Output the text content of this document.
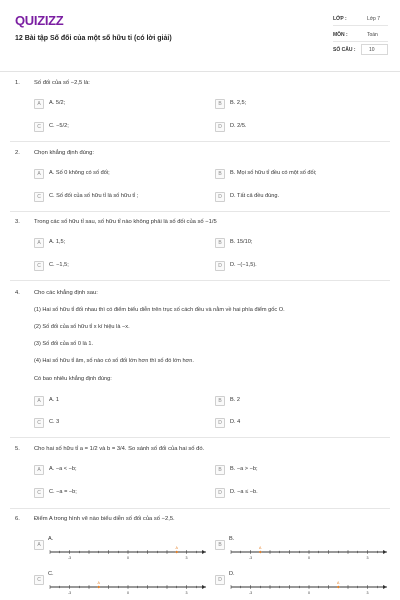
QUIZIZZ
12 Bài tập Số đối của một số hữu tỉ (có lời giải)
LỚP :	Lớp 7
MÔN :	Toán
SỐ CÂU :	10
1. Số đối của số −2,5 là:
A	A. 5/2;	B	B. 2,5;
C	C. −5/2;	D	D. 2/5.
2. Chọn khẳng định đúng:
A	A. Số 0 không có số đối;	B	B. Mọi số hữu tỉ đều có một số đối;
C	C. Số đối của số hữu tỉ là số hữu tỉ ;	D	D. Tất cả đều đúng.
3. Trong các số hữu tỉ sau, số hữu tỉ nào không phải là số đối của số −1/5
A	A. 1,5;	B	B. 15/10;
C	C. −1,5;	D	D. −(−1,5).
4. Cho các khẳng định sau:
(1) Hai số hữu tỉ đối nhau thì có điểm biểu diễn trên trục số cách đều và nằm về hai phía điểm gốc O.
(2) Số đối của số hữu tỉ x kí hiệu là −x.
(3) Số đối của số 0 là 1.
(4) Hai số hữu tỉ âm, số nào có số đối lớn hơn thì số đó lớn hơn.
Có bao nhiêu khẳng định đúng:
A	A. 1	B	B. 2
C	C. 3	D	D. 4
5. Cho hai số hữu tỉ a = 1/2 và b = 3/4. So sánh số đối của hai số đó.
A	A. −a < −b;	B	B. −a > −b;
C	C. −a = −b;	D	D. −a ≤ −b.
6. Điểm A trong hình vẽ nào biểu diễn số đối của số −2,5.
A
A.
-3	0	3
A	B
B.
-3	0	3
A
C
C.
-3	0	3
A	D
D.
-3	0	3
A
